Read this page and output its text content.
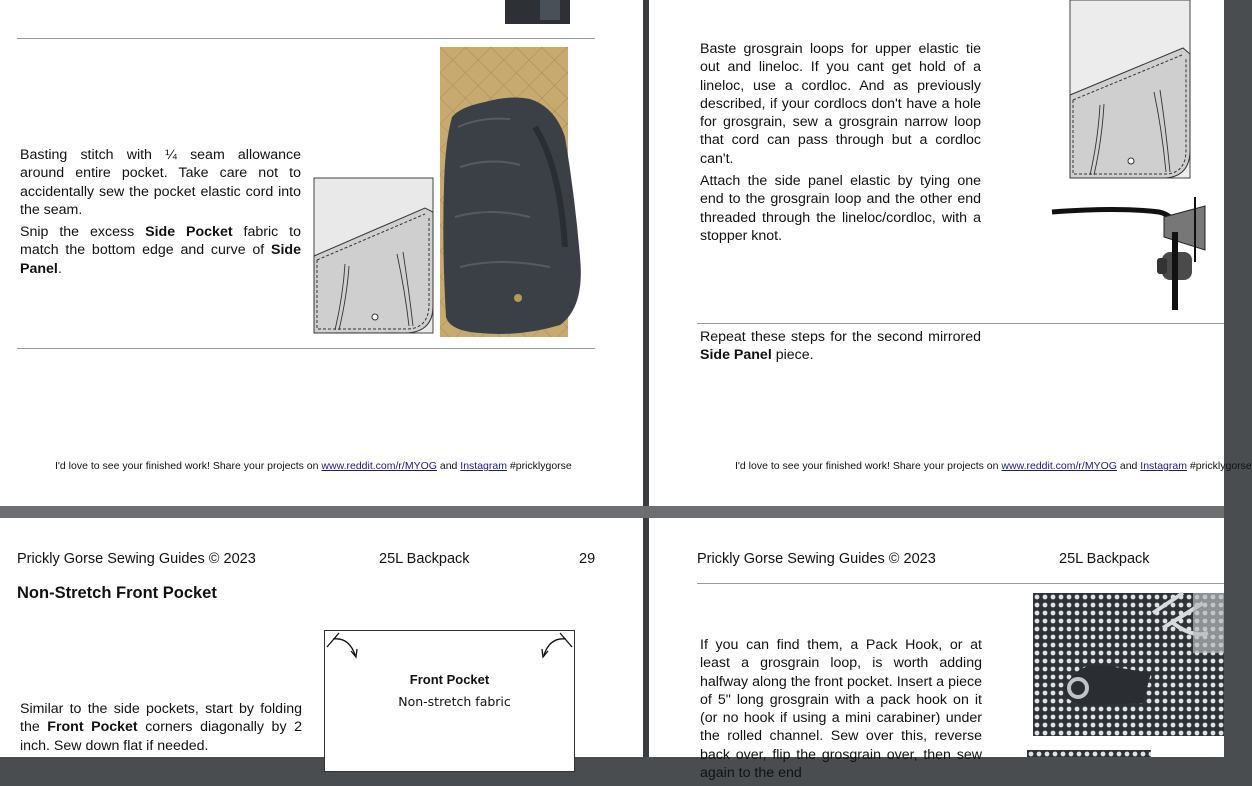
Basting stitch with ¼ seam allowance around entire pocket. Take care not to accidentally sew the pocket elastic cord into the seam.

Snip the excess Side Pocket fabric to match the bottom edge and curve of Side Panel.

I'd love to see your finished work! Share your projects on www.reddit.com/r/MYOG and Instagram #pricklygorse

Baste grosgrain loops for upper elastic tie out and lineloc. If you cant get hold of a lineloc, use a cordloc. And as previously described, if your cordlocs don't have a hole for grosgrain, sew a grosgrain narrow loop that cord can pass through but a cordloc can't.

Attach the side panel elastic by tying one end to the grosgrain loop and the other end threaded through the lineloc/cordloc, with a stopper knot.

Repeat these steps for the second mirrored Side Panel piece.

I'd love to see your finished work! Share your projects on www.reddit.com/r/MYOG and Instagram #pricklygorse
Prickly Gorse Sewing Guides © 2023	25L Backpack	29
Non-Stretch Front Pocket

Similar to the side pockets, start by folding the Front Pocket corners diagonally by 2 inch. Sew down flat if needed.

Front Pocket
Non-stretch fabric
Prickly Gorse Sewing Guides © 2023	25L Backpack

If you can find them, a Pack Hook, or at least a grosgrain loop, is worth adding halfway along the front pocket. Insert a piece of 5" long grosgrain with a pack hook on it (or no hook if using a mini carabiner) under the rolled channel. Sew over this, reverse back over, flip the grosgrain over, then sew again to the end
